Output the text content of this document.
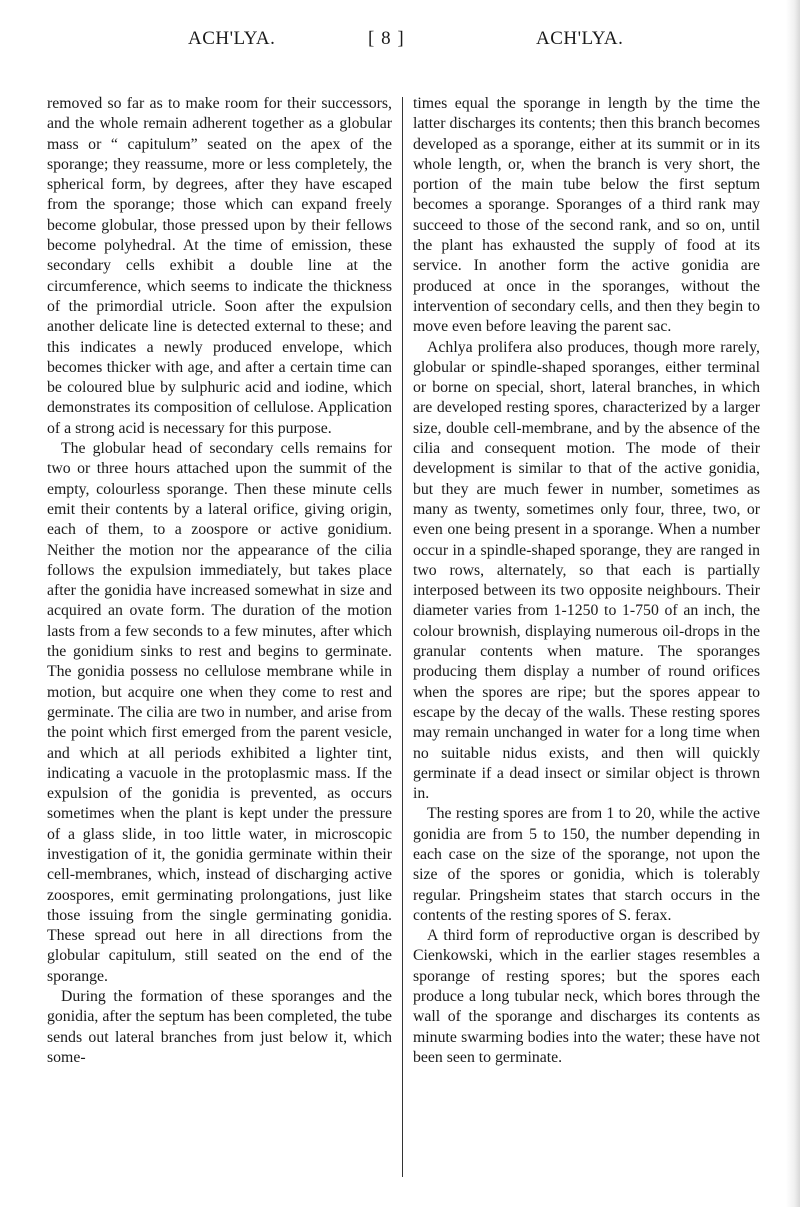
ACH'LYA.	[ 8 ]	ACH'LYA.

removed so far as to make room for their successors, and the whole remain adherent together as a globular mass or “ capitulum” seated on the apex of the sporange; they reassume, more or less completely, the spherical form, by degrees, after they have escaped from the sporange; those which can expand freely become globular, those pressed upon by their fellows become polyhedral. At the time of emission, these secondary cells exhibit a double line at the circumference, which seems to indicate the thickness of the primordial utricle. Soon after the expulsion another delicate line is detected external to these; and this indicates a newly produced envelope, which becomes thicker with age, and after a certain time can be coloured blue by sulphuric acid and iodine, which demonstrates its composition of cellulose. Application of a strong acid is necessary for this purpose.

The globular head of secondary cells remains for two or three hours attached upon the summit of the empty, colourless sporange. Then these minute cells emit their contents by a lateral orifice, giving origin, each of them, to a zoospore or active gonidium. Neither the motion nor the appearance of the cilia follows the expulsion immediately, but takes place after the gonidia have increased somewhat in size and acquired an ovate form. The duration of the motion lasts from a few seconds to a few minutes, after which the gonidium sinks to rest and begins to germinate. The gonidia possess no cellulose membrane while in motion, but acquire one when they come to rest and germinate. The cilia are two in number, and arise from the point which first emerged from the parent vesicle, and which at all periods exhibited a lighter tint, indicating a vacuole in the protoplasmic mass. If the expulsion of the gonidia is prevented, as occurs sometimes when the plant is kept under the pressure of a glass slide, in too little water, in microscopic investigation of it, the gonidia germinate within their cell-membranes, which, instead of discharging active zoospores, emit germinating prolongations, just like those issuing from the single germinating gonidia. These spread out here in all directions from the globular capitulum, still seated on the end of the sporange.

During the formation of these sporanges and the gonidia, after the septum has been completed, the tube sends out lateral branches from just below it, which some-

times equal the sporange in length by the time the latter discharges its contents; then this branch becomes developed as a sporange, either at its summit or in its whole length, or, when the branch is very short, the portion of the main tube below the first septum becomes a sporange. Sporanges of a third rank may succeed to those of the second rank, and so on, until the plant has exhausted the supply of food at its service. In another form the active gonidia are produced at once in the sporanges, without the intervention of secondary cells, and then they begin to move even before leaving the parent sac.

Achlya prolifera also produces, though more rarely, globular or spindle-shaped sporanges, either terminal or borne on special, short, lateral branches, in which are developed resting spores, characterized by a larger size, double cell-membrane, and by the absence of the cilia and consequent motion. The mode of their development is similar to that of the active gonidia, but they are much fewer in number, sometimes as many as twenty, sometimes only four, three, two, or even one being present in a sporange. When a number occur in a spindle-shaped sporange, they are ranged in two rows, alternately, so that each is partially interposed between its two opposite neighbours. Their diameter varies from 1-1250 to 1-750 of an inch, the colour brownish, displaying numerous oil-drops in the granular contents when mature. The sporanges producing them display a number of round orifices when the spores are ripe; but the spores appear to escape by the decay of the walls. These resting spores may remain unchanged in water for a long time when no suitable nidus exists, and then will quickly germinate if a dead insect or similar object is thrown in.

The resting spores are from 1 to 20, while the active gonidia are from 5 to 150, the number depending in each case on the size of the sporange, not upon the size of the spores or gonidia, which is tolerably regular. Pringsheim states that starch occurs in the contents of the resting spores of S. ferax.

A third form of reproductive organ is described by Cienkowski, which in the earlier stages resembles a sporange of resting spores; but the spores each produce a long tubular neck, which bores through the wall of the sporange and discharges its contents as minute swarming bodies into the water; these have not been seen to germinate.
